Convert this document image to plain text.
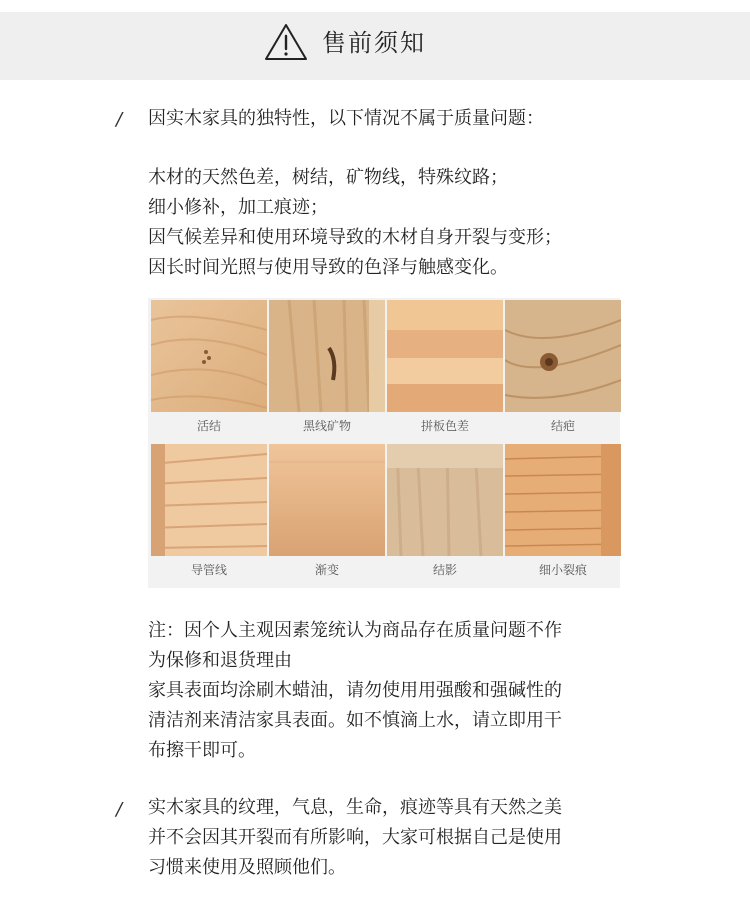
售前须知
/ 因实木家具的独特性，以下情况不属于质量问题：
木材的天然色差，树结，矿物线，特殊纹路；
细小修补，加工痕迹；
因气候差异和使用环境导致的木材自身开裂与变形；
因长时间光照与使用导致的色泽与触感变化。
活结	黑线矿物	拼板色差	结疤
导管线	渐变	结影	细小裂痕
注：因个人主观因素笼统认为商品存在质量问题不作
为保修和退货理由
家具表面均涂刷木蜡油，请勿使用用强酸和强碱性的
清洁剂来清洁家具表面。如不慎滴上水，请立即用干
布擦干即可。
/ 实木家具的纹理，气息，生命，痕迹等具有天然之美
并不会因其开裂而有所影响，大家可根据自己是使用
习惯来使用及照顾他们。
